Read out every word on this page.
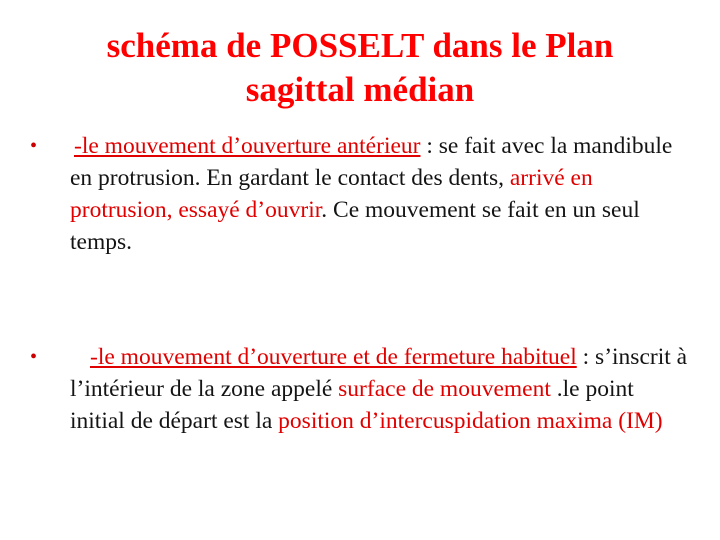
schéma de POSSELT dans le Plan
sagittal médian
• -le mouvement d’ouverture antérieur : se fait avec la mandibule en protrusion. En gardant le contact des dents, arrivé en protrusion, essayé d’ouvrir. Ce mouvement se fait en un seul temps.
• -le mouvement d’ouverture et de fermeture habituel : s’inscrit à l’intérieur de la zone appelé surface de mouvement .le point initial de départ est la position d’intercuspidation maxima (IM)
